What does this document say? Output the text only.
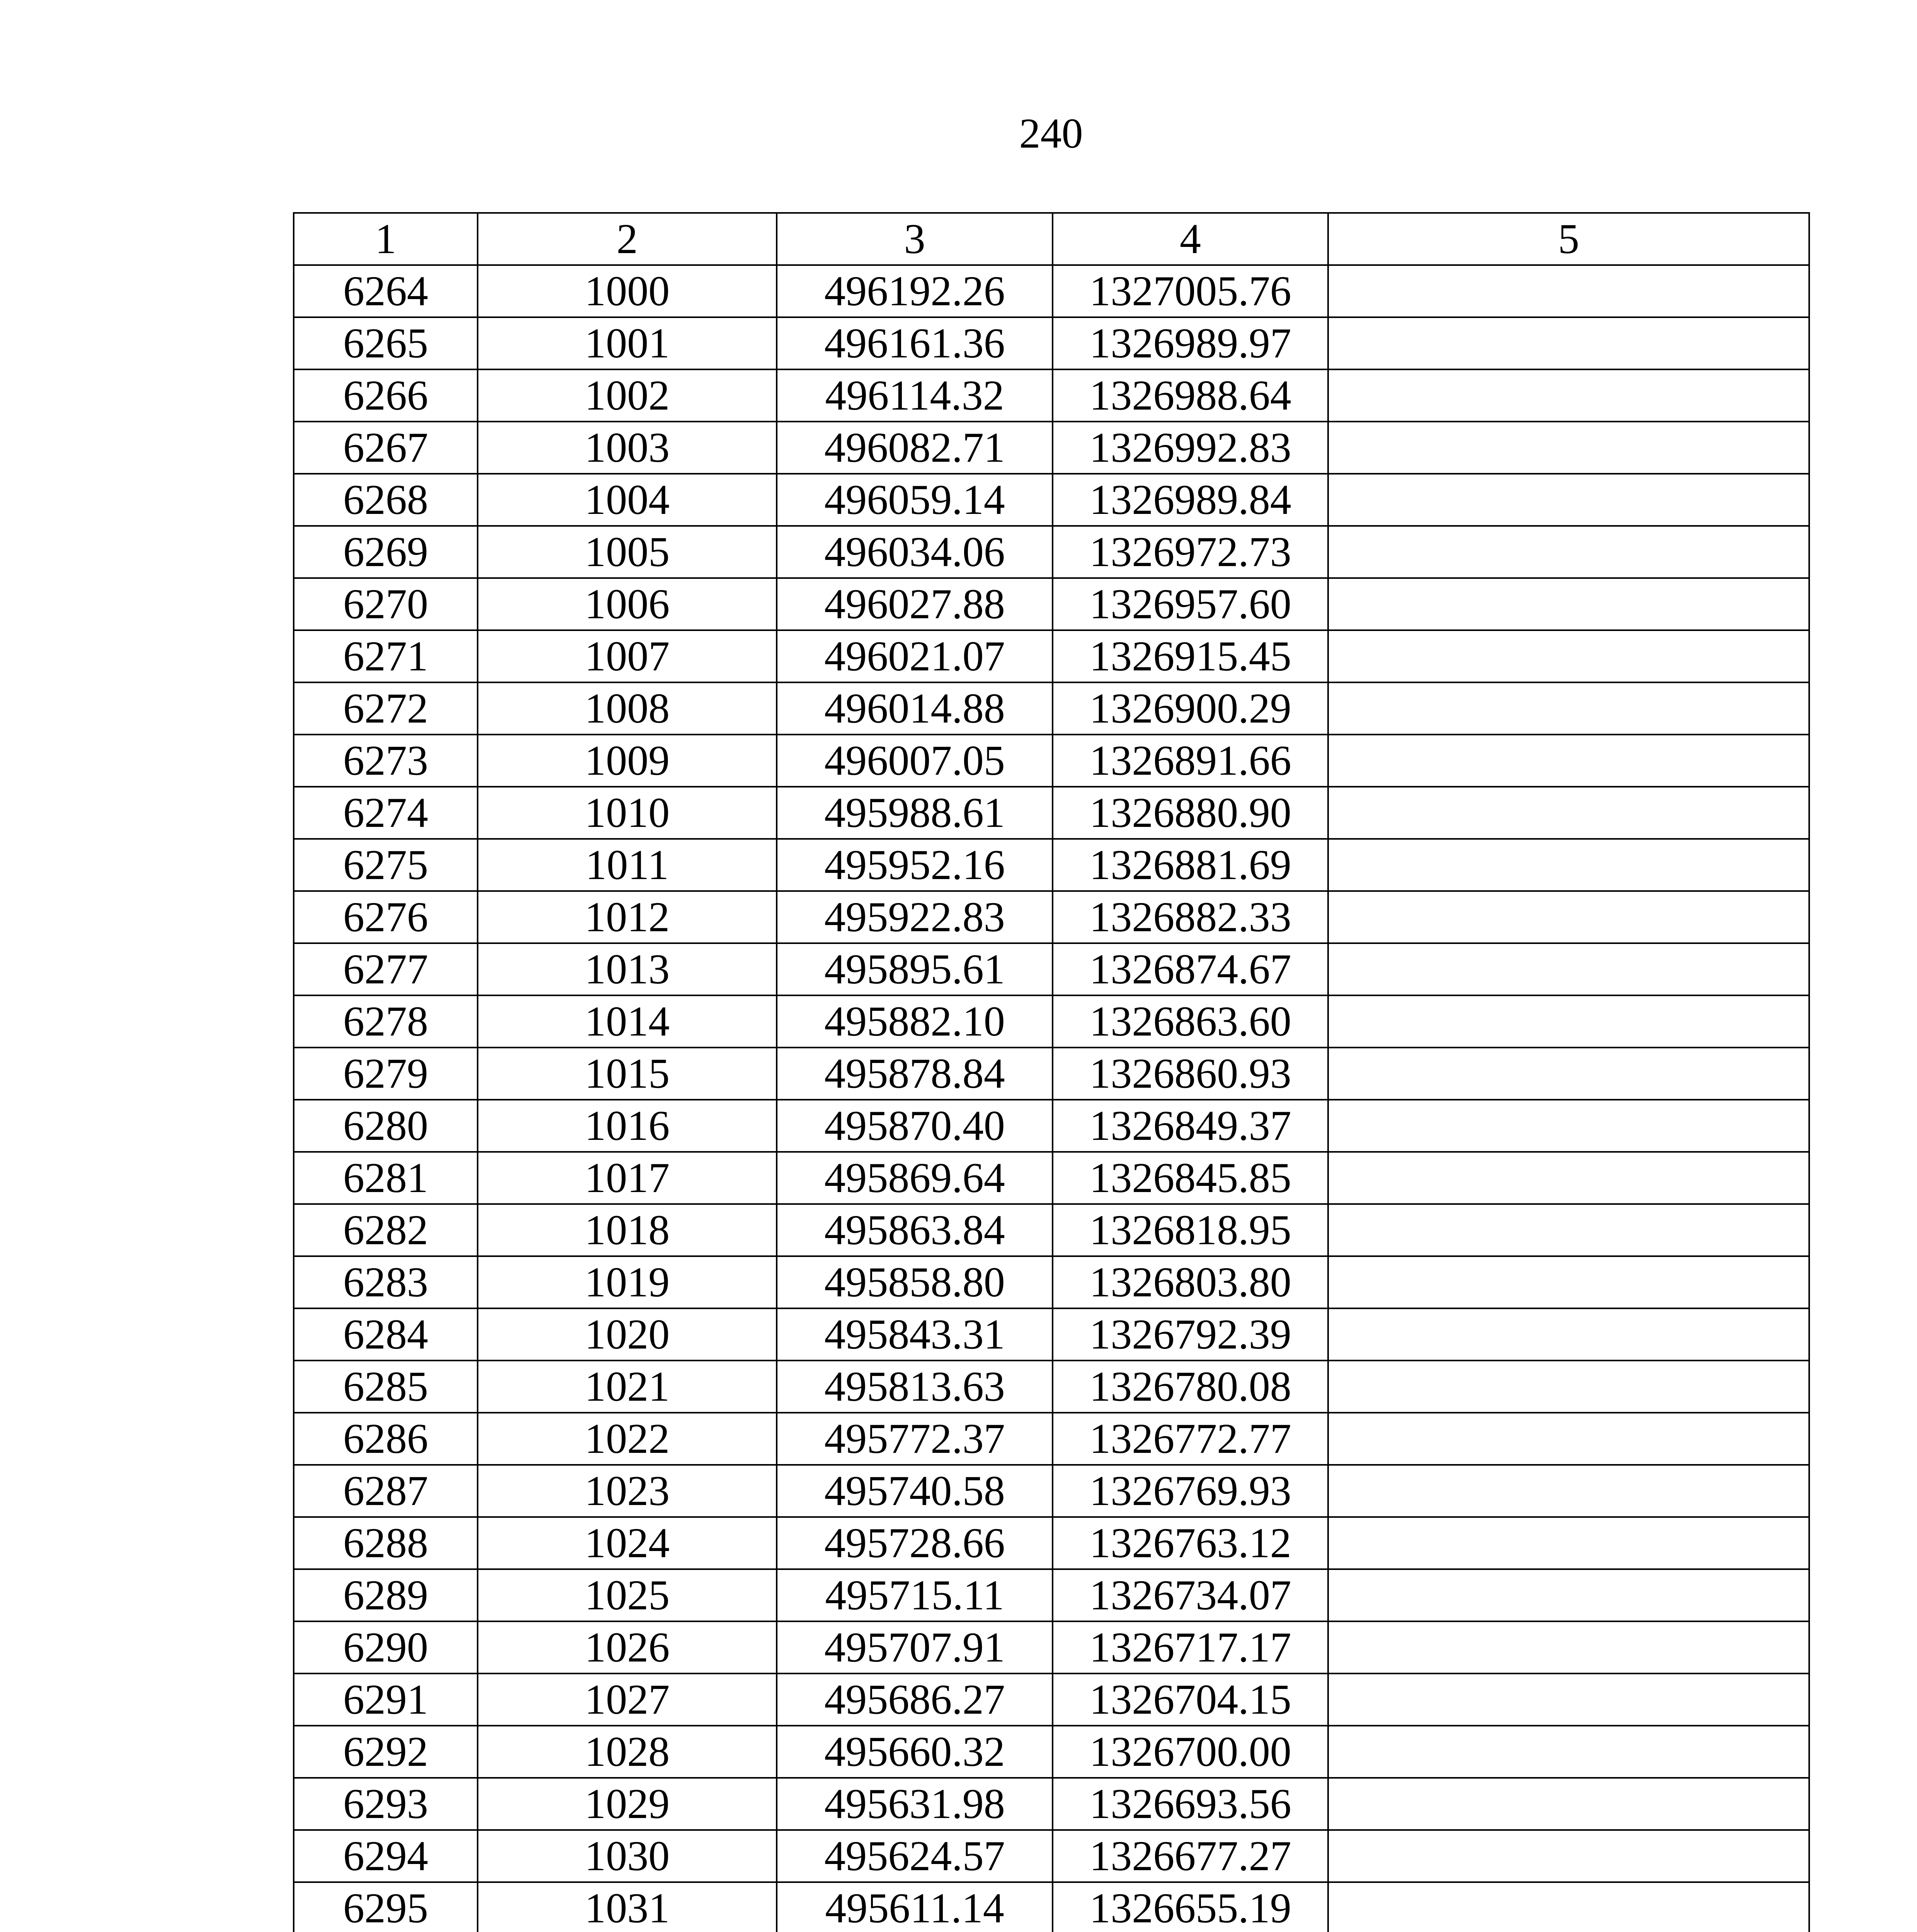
240
1	2	3	4	5
6264	1000	496192.26	1327005.76	
6265	1001	496161.36	1326989.97	
6266	1002	496114.32	1326988.64	
6267	1003	496082.71	1326992.83	
6268	1004	496059.14	1326989.84	
6269	1005	496034.06	1326972.73	
6270	1006	496027.88	1326957.60	
6271	1007	496021.07	1326915.45	
6272	1008	496014.88	1326900.29	
6273	1009	496007.05	1326891.66	
6274	1010	495988.61	1326880.90	
6275	1011	495952.16	1326881.69	
6276	1012	495922.83	1326882.33	
6277	1013	495895.61	1326874.67	
6278	1014	495882.10	1326863.60	
6279	1015	495878.84	1326860.93	
6280	1016	495870.40	1326849.37	
6281	1017	495869.64	1326845.85	
6282	1018	495863.84	1326818.95	
6283	1019	495858.80	1326803.80	
6284	1020	495843.31	1326792.39	
6285	1021	495813.63	1326780.08	
6286	1022	495772.37	1326772.77	
6287	1023	495740.58	1326769.93	
6288	1024	495728.66	1326763.12	
6289	1025	495715.11	1326734.07	
6290	1026	495707.91	1326717.17	
6291	1027	495686.27	1326704.15	
6292	1028	495660.32	1326700.00	
6293	1029	495631.98	1326693.56	
6294	1030	495624.57	1326677.27	
6295	1031	495611.14	1326655.19	
